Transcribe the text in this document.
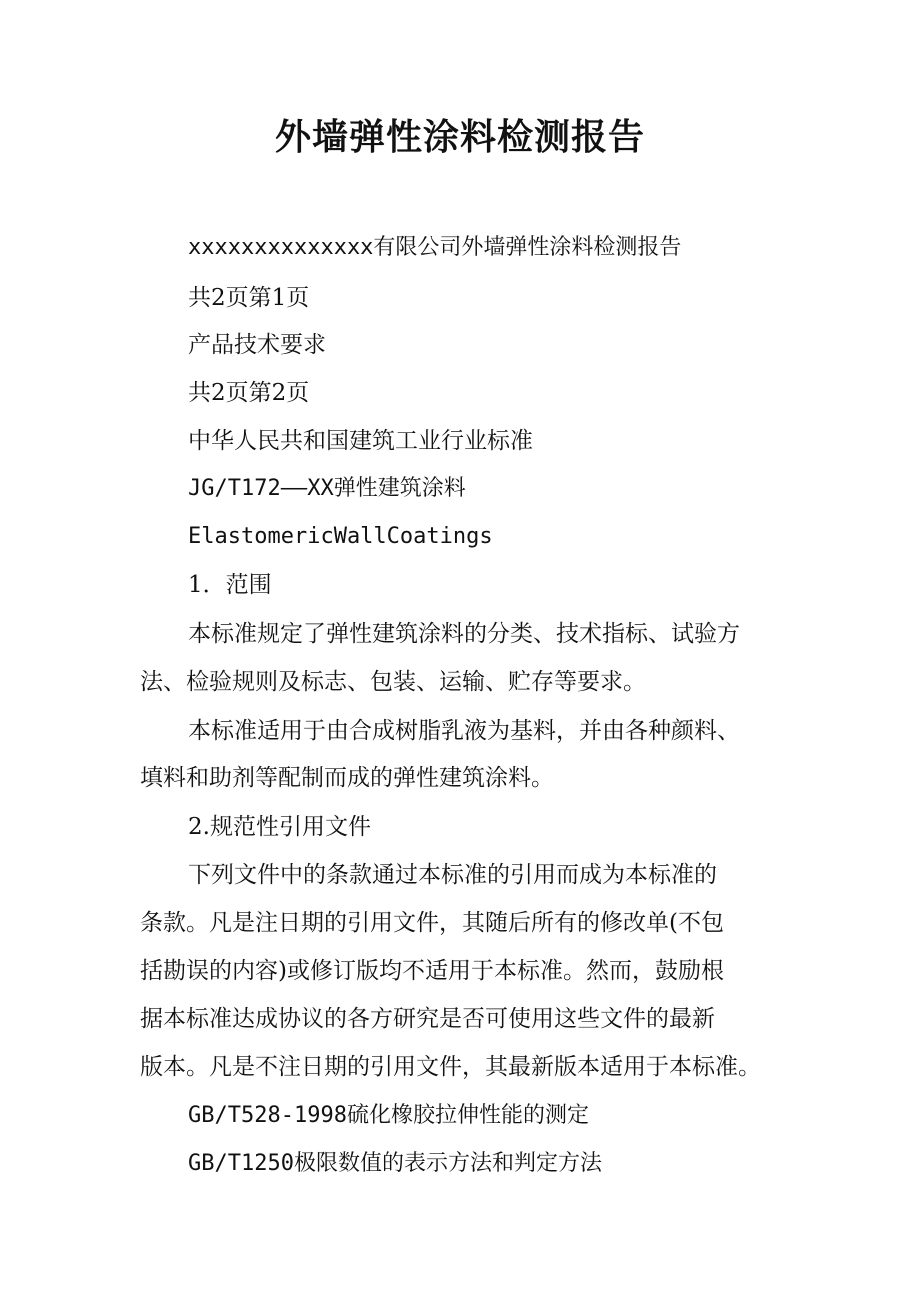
外墙弹性涂料检测报告
xxxxxxxxxxxxxx有限公司外墙弹性涂料检测报告
共2页第1页
产品技术要求
共2页第2页
中华人民共和国建筑工业行业标准
JG/T172——XX弹性建筑涂料
ElastomericWallCoatings
1．范围
本标准规定了弹性建筑涂料的分类、技术指标、试验方
法、检验规则及标志、包装、运输、贮存等要求。
本标准适用于由合成树脂乳液为基料，并由各种颜料、
填料和助剂等配制而成的弹性建筑涂料。
2.规范性引用文件
下列文件中的条款通过本标准的引用而成为本标准的
条款。凡是注日期的引用文件，其随后所有的修改单(不包
括勘误的内容)或修订版均不适用于本标准。然而，鼓励根
据本标准达成协议的各方研究是否可使用这些文件的最新
版本。凡是不注日期的引用文件，其最新版本适用于本标准。
GB/T528-1998硫化橡胶拉伸性能的测定
GB/T1250极限数值的表示方法和判定方法
